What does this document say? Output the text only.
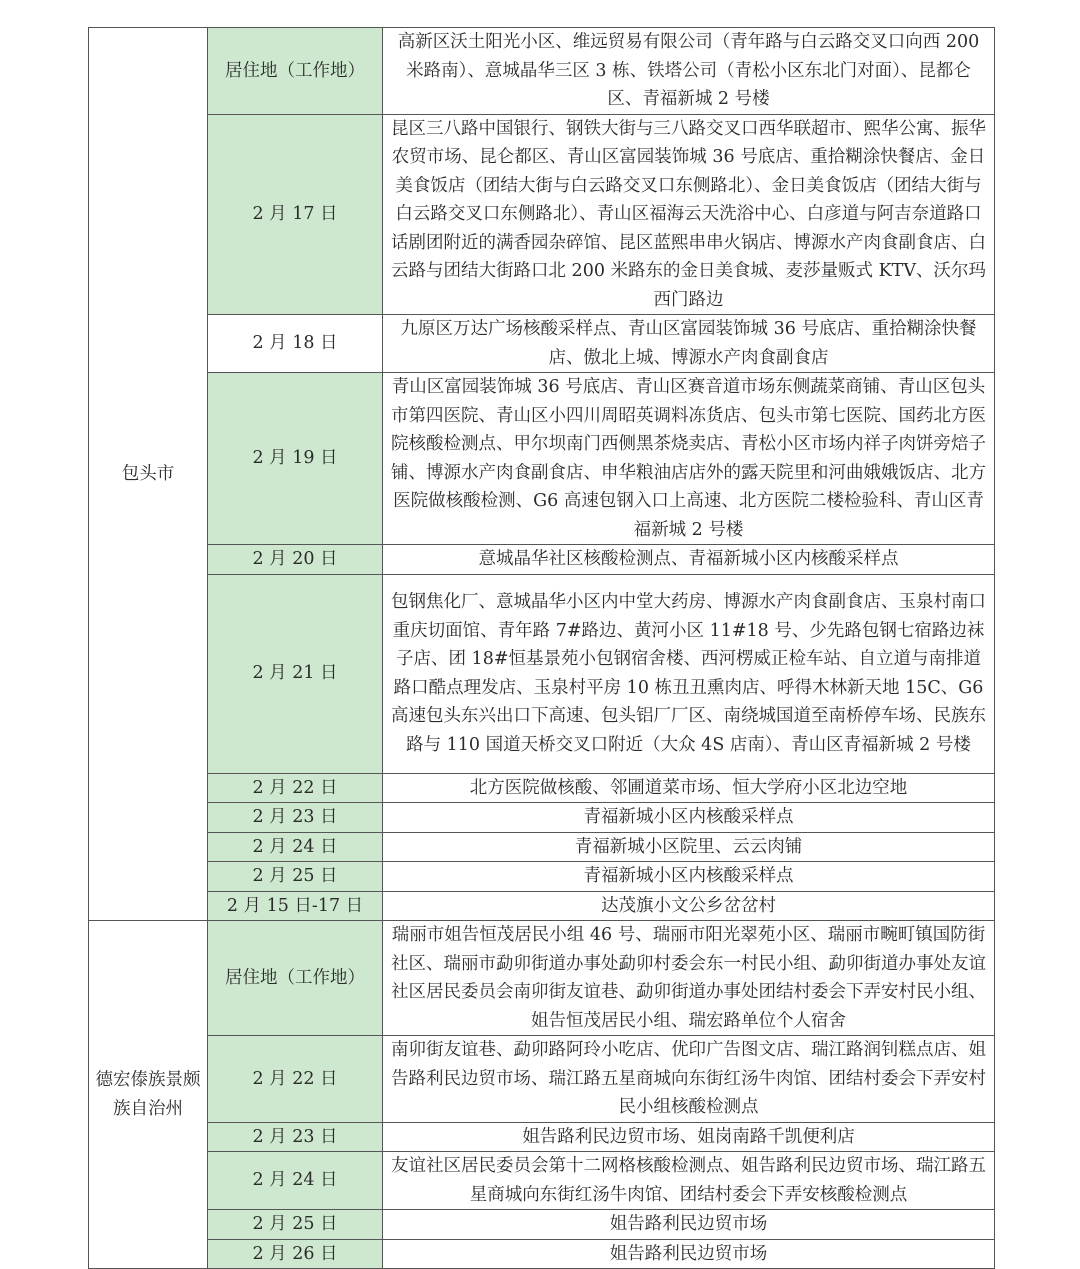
包头市	居住地（工作地）	高新区沃土阳光小区、维远贸易有限公司（青年路与白云路交叉口向西 200 米路南）、意城晶华三区 3 栋、铁塔公司（青松小区东北门对面）、昆都仑区、青福新城 2 号楼
	2 月 17 日	昆区三八路中国银行、钢铁大街与三八路交叉口西华联超市、熙华公寓、振华农贸市场、昆仑都区、青山区富园装饰城 36 号底店、重拾糊涂快餐店、金日美食饭店（团结大街与白云路交叉口东侧路北）、金日美食饭店（团结大街与白云路交叉口东侧路北）、青山区福海云天洗浴中心、白彦道与阿吉奈道路口话剧团附近的满香园杂碎馆、昆区蓝熙串串火锅店、博源水产肉食副食店、白云路与团结大街路口北 200 米路东的金日美食城、麦莎量贩式 KTV、沃尔玛西门路边
	2 月 18 日	九原区万达广场核酸采样点、青山区富园装饰城 36 号底店、重拾糊涂快餐店、傲北上城、博源水产肉食副食店
	2 月 19 日	青山区富园装饰城 36 号底店、青山区赛音道市场东侧蔬菜商铺、青山区包头市第四医院、青山区小四川周昭英调料冻货店、包头市第七医院、国药北方医院核酸检测点、甲尔坝南门西侧黑茶烧卖店、青松小区市场内祥子肉饼旁焙子铺、博源水产肉食副食店、申华粮油店店外的露天院里和河曲娥娥饭店、北方医院做核酸检测、G6 高速包钢入口上高速、北方医院二楼检验科、青山区青福新城 2 号楼
	2 月 20 日	意城晶华社区核酸检测点、青福新城小区内核酸采样点
	2 月 21 日	包钢焦化厂、意城晶华小区内中堂大药房、博源水产肉食副食店、玉泉村南口重庆切面馆、青年路 7#路边、黄河小区 11#18 号、少先路包钢七宿路边袜子店、团 18#恒基景苑小包钢宿舍楼、西河楞威正检车站、自立道与南排道路口酷点理发店、玉泉村平房 10 栋丑丑熏肉店、呼得木林新天地 15C、G6 高速包头东兴出口下高速、包头铝厂厂区、南绕城国道至南桥停车场、民族东路与 110 国道天桥交叉口附近（大众 4S 店南）、青山区青福新城 2 号楼
	2 月 22 日	北方医院做核酸、邻圃道菜市场、恒大学府小区北边空地
	2 月 23 日	青福新城小区内核酸采样点
	2 月 24 日	青福新城小区院里、云云肉铺
	2 月 25 日	青福新城小区内核酸采样点
	2 月 15 日-17 日	达茂旗小文公乡岔岔村
德宏傣族景颇族自治州	居住地（工作地）	瑞丽市姐告恒茂居民小组 46 号、瑞丽市阳光翠苑小区、瑞丽市畹町镇国防街社区、瑞丽市勐卯街道办事处勐卯村委会东一村民小组、勐卯街道办事处友谊社区居民委员会南卯街友谊巷、勐卯街道办事处团结村委会下弄安村民小组、姐告恒茂居民小组、瑞宏路单位个人宿舍
	2 月 22 日	南卯街友谊巷、勐卯路阿玲小吃店、优印广告图文店、瑞江路润钊糕点店、姐告路利民边贸市场、瑞江路五星商城向东街红汤牛肉馆、团结村委会下弄安村民小组核酸检测点
	2 月 23 日	姐告路利民边贸市场、姐岗南路千凯便利店
	2 月 24 日	友谊社区居民委员会第十二网格核酸检测点、姐告路利民边贸市场、瑞江路五星商城向东街红汤牛肉馆、团结村委会下弄安核酸检测点
	2 月 25 日	姐告路利民边贸市场
	2 月 26 日	姐告路利民边贸市场
